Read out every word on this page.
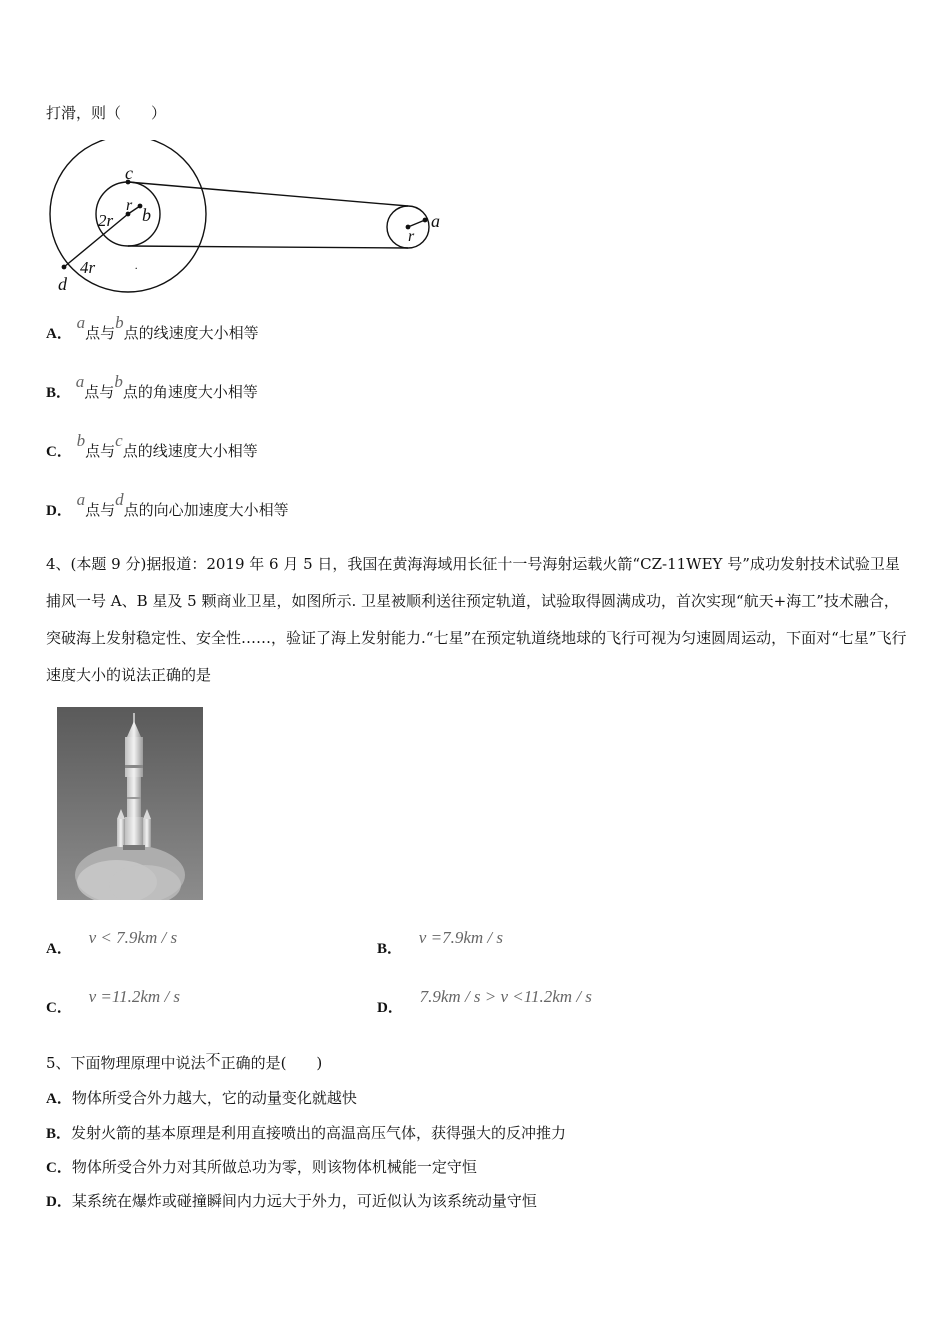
打滑，则（　　）
c
r b
2r	a
r
4r
d
.
A． a点与b点的线速度大小相等
B． a点与b点的角速度大小相等
C． b点与c点的线速度大小相等
D． a点与d点的向心加速度大小相等
4、(本题 9 分)据报道：2019 年 6 月 5 日，我国在黄海海域用长征十一号海射运载火箭“CZ-11WEY 号”成功发射技术试验卫星捕风一号 A、B 星及 5 颗商业卫星，如图所示. 卫星被顺利送往预定轨道，试验取得圆满成功，首次实现“航天+海工”技术融合，突破海上发射稳定性、安全性……，验证了海上发射能力.“七星”在预定轨道绕地球的飞行可视为匀速圆周运动，下面对“七星”飞行速度大小的说法正确的是
A． v < 7.9km / s
B． v =7.9km / s
C． v =11.2km / s
D． 7.9km / s > v <11.2km / s
5、下面物理原理中说法不正确的是(　　)
A．物体所受合外力越大，它的动量变化就越快
B．发射火箭的基本原理是利用直接喷出的高温高压气体，获得强大的反冲推力
C．物体所受合外力对其所做总功为零，则该物体机械能一定守恒
D．某系统在爆炸或碰撞瞬间内力远大于外力，可近似认为该系统动量守恒
